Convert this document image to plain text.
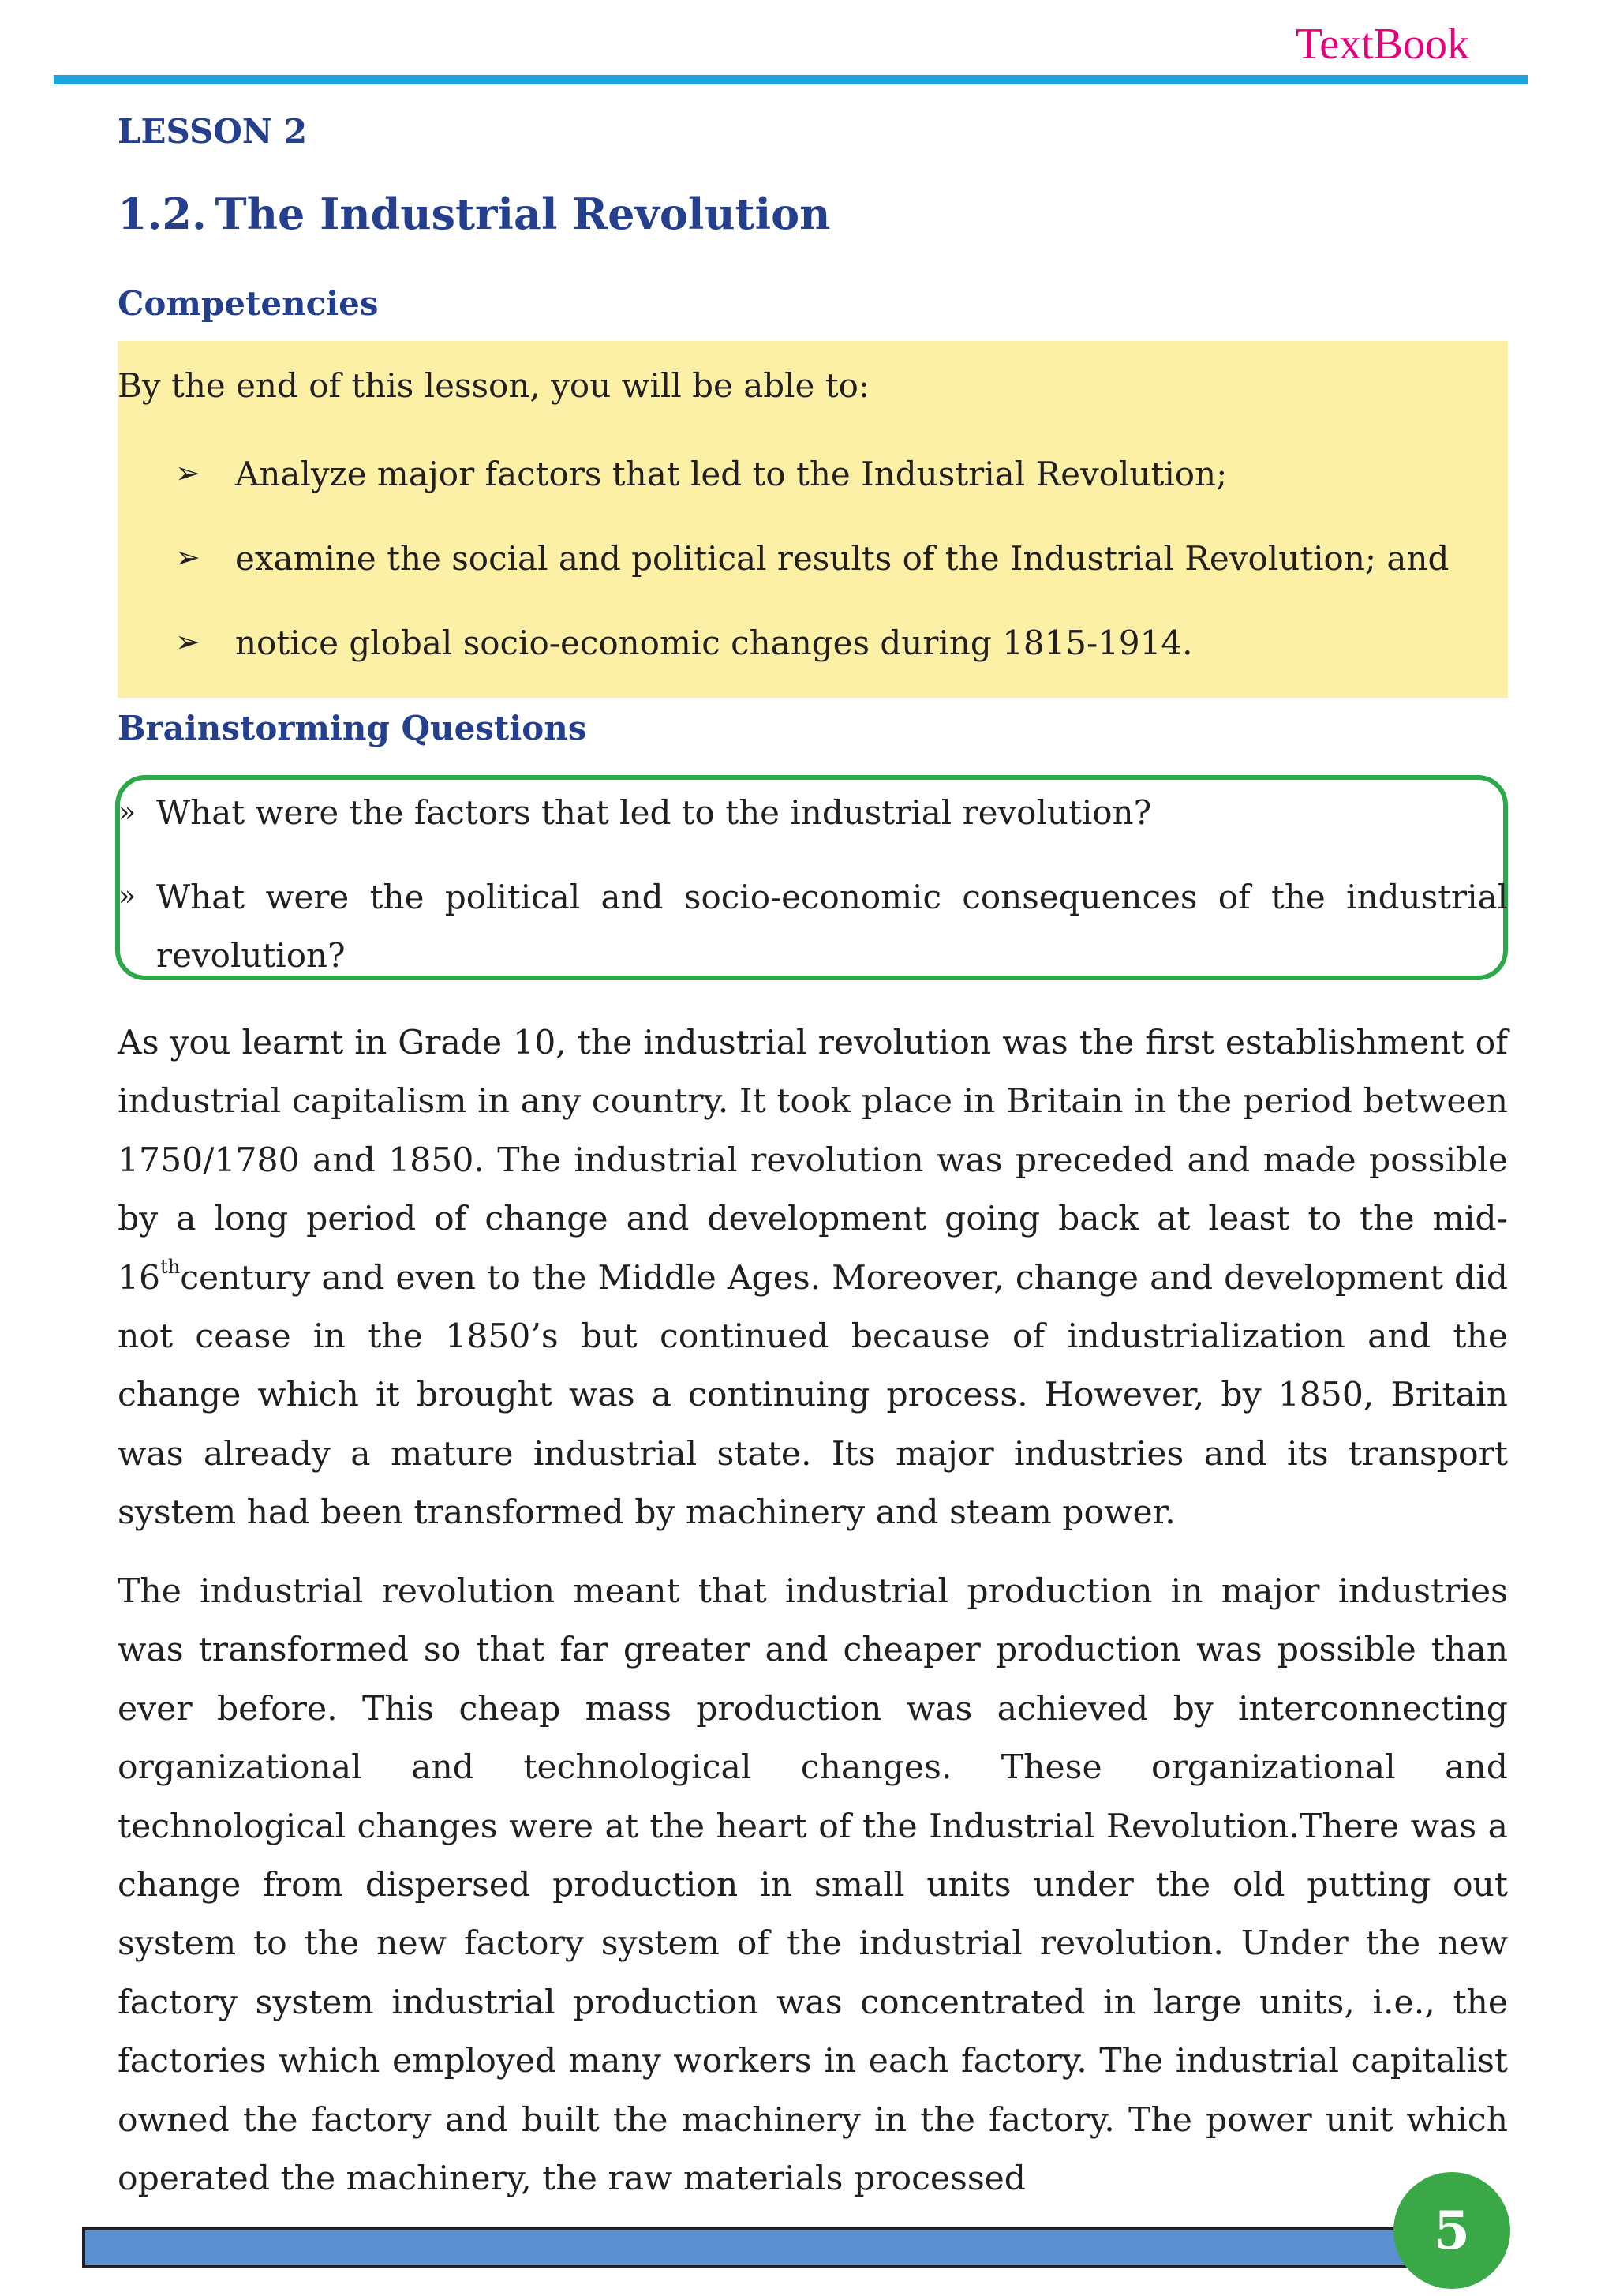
TextBook
LESSON 2
1.2. The Industrial Revolution
Competencies
By the end of this lesson, you will be able to:
➢ Analyze major factors that led to the Industrial Revolution;
➢ examine the social and political results of the Industrial Revolution; and
➢ notice global socio-economic changes during 1815-1914.
Brainstorming Questions
» What were the factors that led to the industrial revolution?
» What were the political and socio-economic consequences of the industrial revolution?

As you learnt in Grade 10, the industrial revolution was the first establishment of industrial capitalism in any country. It took place in Britain in the period between 1750/1780 and 1850. The industrial revolution was preceded and made possible by a long period of change and development going back at least to the mid-16thcentury and even to the Middle Ages. Moreover, change and development did not cease in the 1850’s but continued because of industrialization and the change which it brought was a continuing process. However, by 1850, Britain was already a mature industrial state. Its major industries and its transport system had been transformed by machinery and steam power.

The industrial revolution meant that industrial production in major industries was transformed so that far greater and cheaper production was possible than ever before. This cheap mass production was achieved by interconnecting organizational and technological changes. These organizational and technological changes were at the heart of the Industrial Revolution.There was a change from dispersed production in small units under the old putting out system to the new factory system of the industrial revolution. Under the new factory system industrial production was concentrated in large units, i.e., the factories which employed many workers in each factory. The industrial capitalist owned the factory and built the machinery in the factory. The power unit which operated the machinery, the raw materials processed

5
